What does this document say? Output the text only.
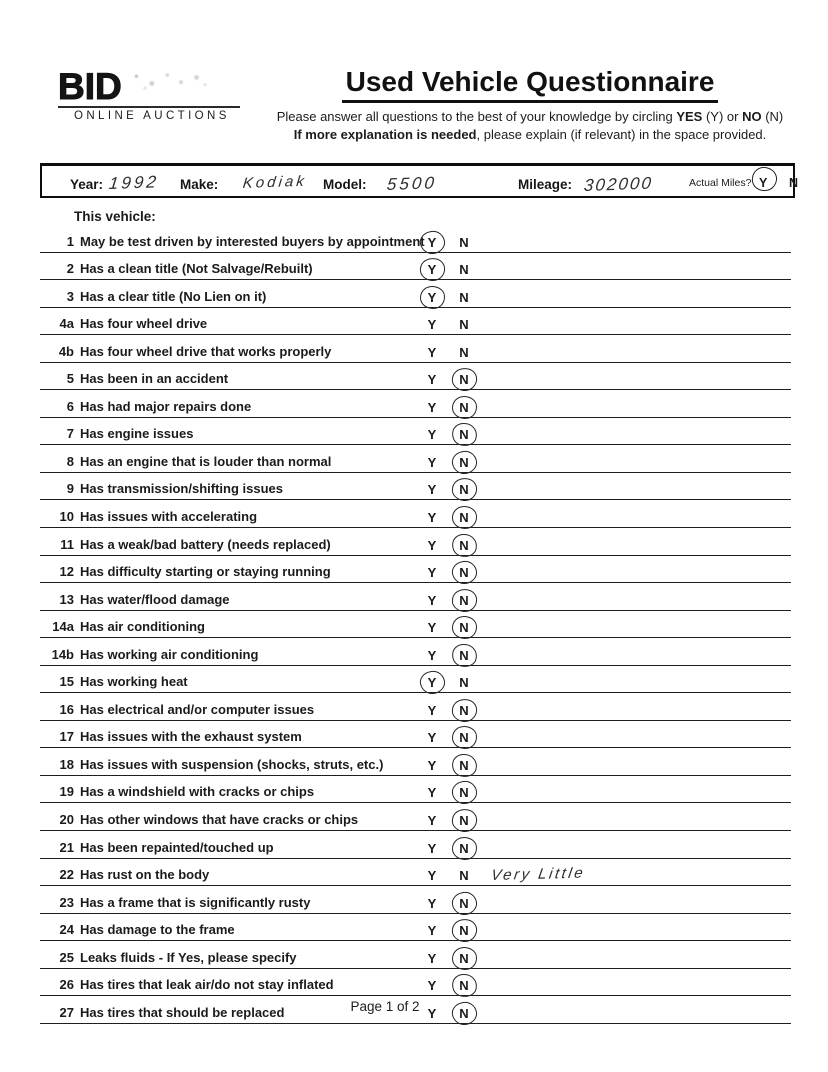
BID
ONLINE AUCTIONS
Used Vehicle Questionnaire
Please answer all questions to the best of your knowledge by circling YES (Y) or NO (N)
If more explanation is needed, please explain (if relevant) in the space provided.
Year: 1992 Make: Kodiak Model: 5500	Mileage: 302000	Actual Miles? Y N
This vehicle:
1 May be test driven by interested buyers by appointment Y N
2 Has a clean title (Not Salvage/Rebuilt)	Y N
3 Has a clear title (No Lien on it)	Y N
4a Has four wheel drive	Y N
4b Has four wheel drive that works properly	Y N
5 Has been in an accident	Y N
6 Has had major repairs done	Y N
7 Has engine issues	Y N
8 Has an engine that is louder than normal	Y N
9 Has transmission/shifting issues	Y N
10 Has issues with accelerating	Y N
11 Has a weak/bad battery (needs replaced)	Y N
12 Has difficulty starting or staying running	Y N
13 Has water/flood damage	Y N
14a Has air conditioning	Y N
14b Has working air conditioning	Y N
15 Has working heat	Y N
16 Has electrical and/or computer issues	Y N
17 Has issues with the exhaust system	Y N
18 Has issues with suspension (shocks, struts, etc.)	Y N
19 Has a windshield with cracks or chips	Y N
20 Has other windows that have cracks or chips	Y N
21 Has been repainted/touched up	Y N
22 Has rust on the body	Y N Very Little
23 Has a frame that is significantly rusty	Y N
24 Has damage to the frame	Y N
25 Leaks fluids - If Yes, please specify	Y N
26 Has tires that leak air/do not stay inflated	Y N
27 Has tires that should be replaced	Y N
Page 1 of 2
